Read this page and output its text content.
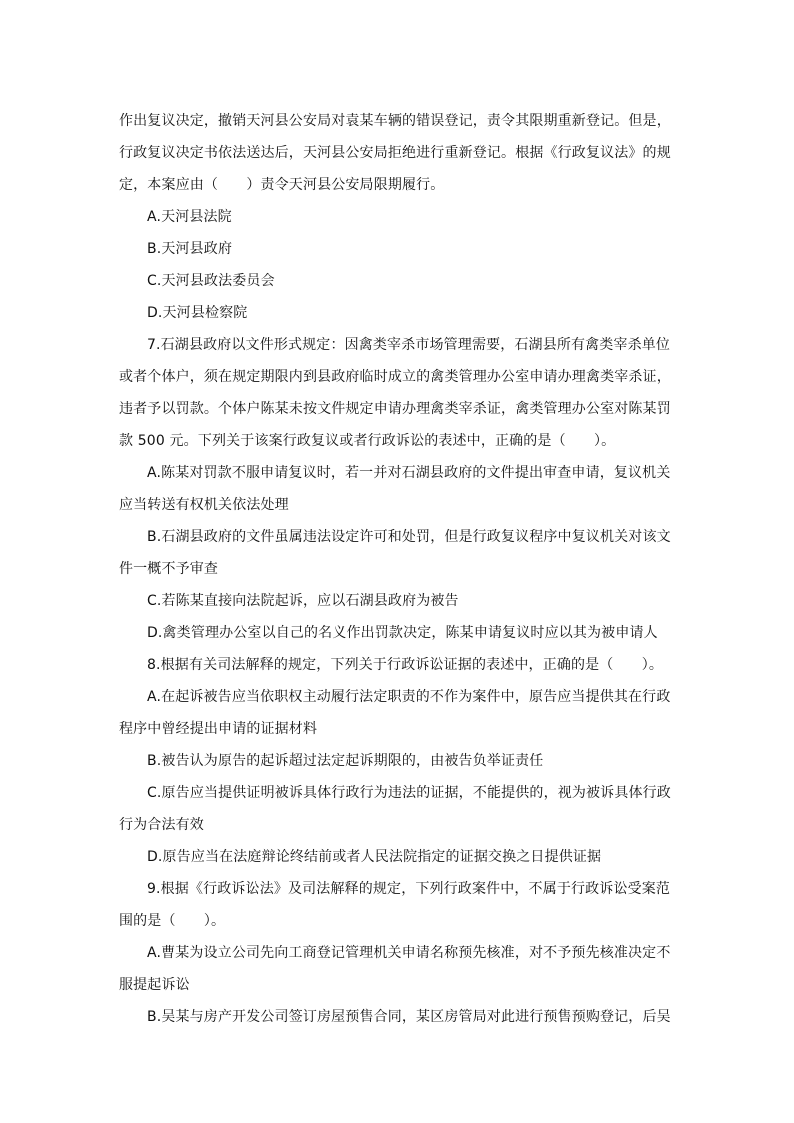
作出复议决定，撤销天河县公安局对袁某车辆的错误登记，责令其限期重新登记。但是，
行政复议决定书依法送达后，天河县公安局拒绝进行重新登记。根据《行政复议法》的规
定，本案应由（　　）责令天河县公安局限期履行。
A.天河县法院
B.天河县政府
C.天河县政法委员会
D.天河县检察院
7.石湖县政府以文件形式规定：因禽类宰杀市场管理需要，石湖县所有禽类宰杀单位
或者个体户，须在规定期限内到县政府临时成立的禽类管理办公室申请办理禽类宰杀证，
违者予以罚款。个体户陈某未按文件规定申请办理禽类宰杀证，禽类管理办公室对陈某罚
款 500 元。下列关于该案行政复议或者行政诉讼的表述中，正确的是（　　）。
A.陈某对罚款不服申请复议时，若一并对石湖县政府的文件提出审查申请，复议机关
应当转送有权机关依法处理
B.石湖县政府的文件虽属违法设定许可和处罚，但是行政复议程序中复议机关对该文
件一概不予审查
C.若陈某直接向法院起诉，应以石湖县政府为被告
D.禽类管理办公室以自己的名义作出罚款决定，陈某申请复议时应以其为被申请人
8.根据有关司法解释的规定，下列关于行政诉讼证据的表述中，正确的是（　　）。
A.在起诉被告应当依职权主动履行法定职责的不作为案件中，原告应当提供其在行政
程序中曾经提出申请的证据材料
B.被告认为原告的起诉超过法定起诉期限的，由被告负举证责任
C.原告应当提供证明被诉具体行政行为违法的证据，不能提供的，视为被诉具体行政
行为合法有效
D.原告应当在法庭辩论终结前或者人民法院指定的证据交换之日提供证据
9.根据《行政诉讼法》及司法解释的规定，下列行政案件中，不属于行政诉讼受案范
围的是（　　）。
A.曹某为设立公司先向工商登记管理机关申请名称预先核准，对不予预先核准决定不
服提起诉讼
B.吴某与房产开发公司签订房屋预售合同，某区房管局对此进行预售预购登记，后吴
